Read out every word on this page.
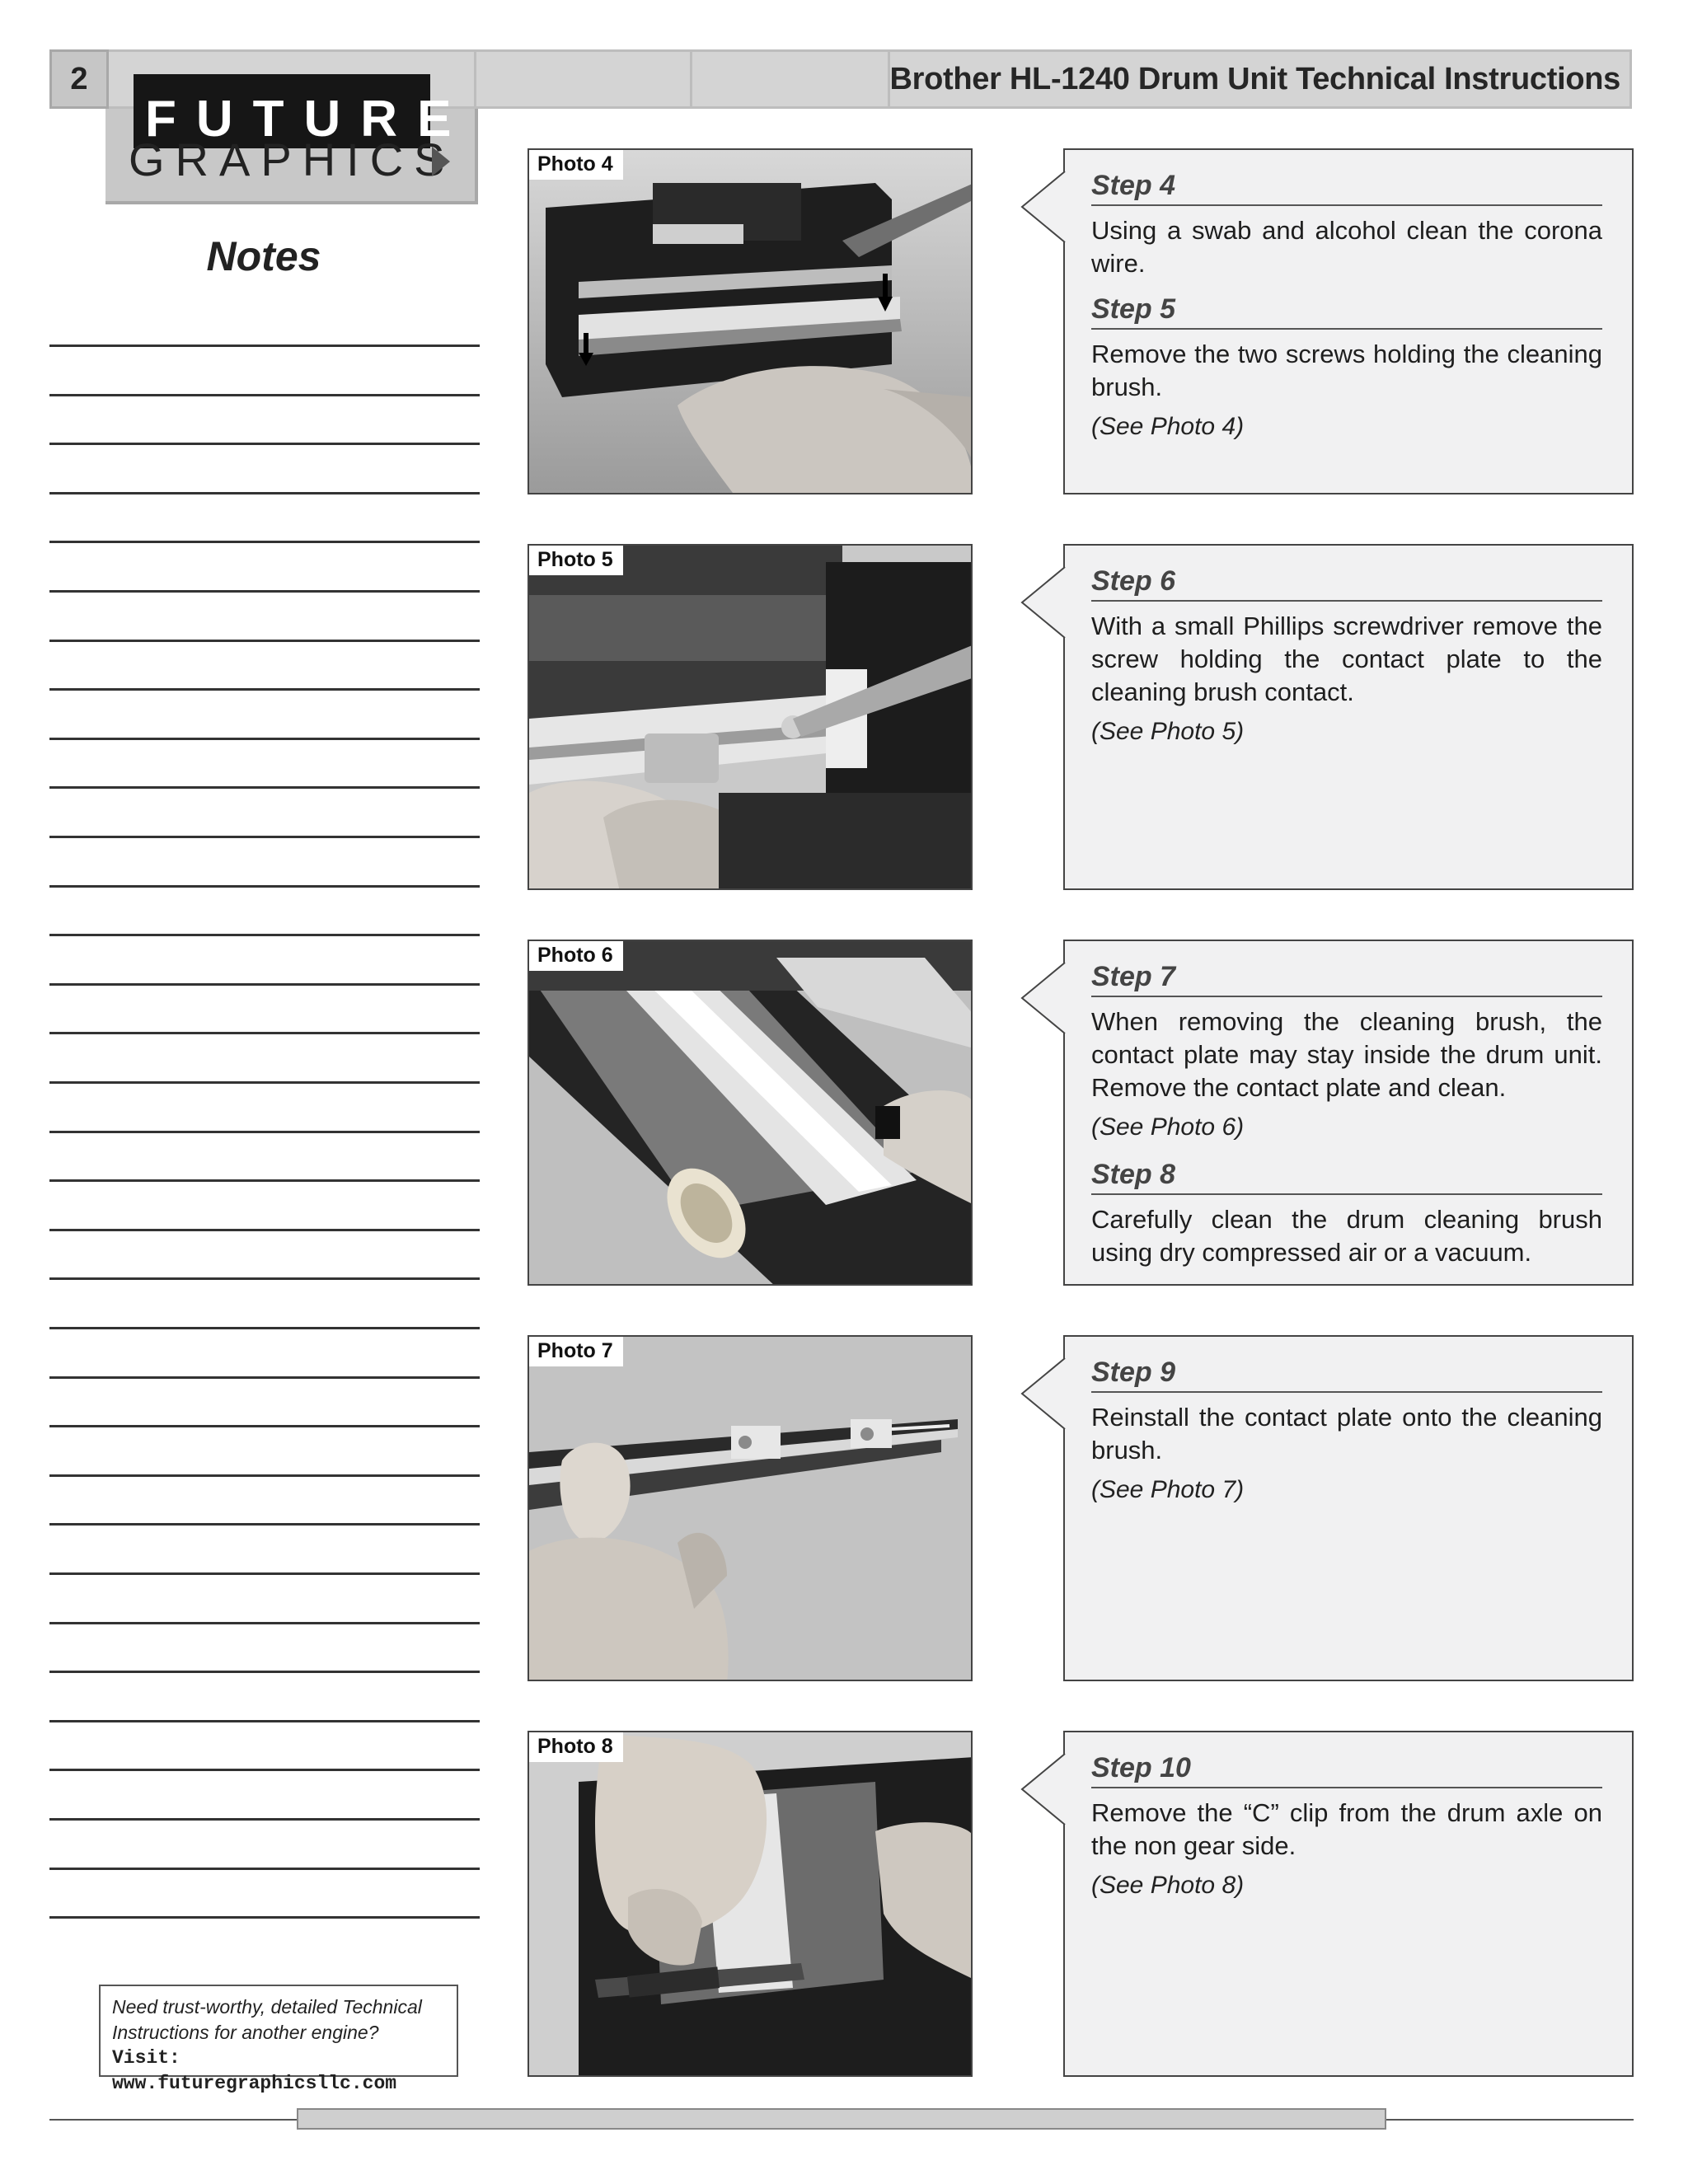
2	Brother HL-1240 Drum Unit Technical Instructions
FUTURE
GRAPHICS
Notes
Need trust-worthy, detailed Technical
Instructions for another engine?
Visit: www.futuregraphicsllc.com
Photo 4
Photo 5
Photo 6
Photo 7
Photo 8
Step 4

Using a swab and alcohol clean the corona wire.

Step 5

Remove the two screws holding the cleaning brush.

(See Photo 4)
Step 6

With a small Phillips screwdriver remove the screw holding the contact plate to the cleaning brush contact.

(See Photo 5)
Step 7

When removing the cleaning brush, the contact plate may stay inside the drum unit. Remove the contact plate and clean.

(See Photo 6)
Step 8

Carefully clean the drum cleaning brush using dry compressed air or a vacuum.

Step 9

Reinstall the contact plate onto the cleaning brush.

(See Photo 7)
Step 10

Remove the “C” clip from the drum axle on the non gear side.

(See Photo 8)
